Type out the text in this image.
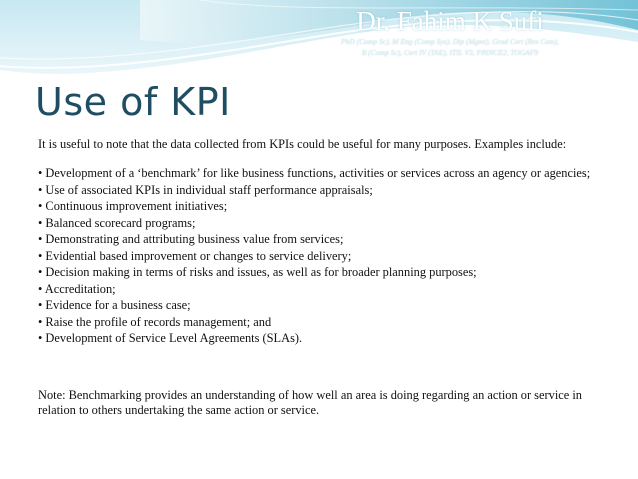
Dr. Fahim K Sufi
PhD (Comp Sc), M Eng (Comp Sys), Dip (Mgmt), Grad Cert (Res Com),
B (Comp Sc), Cert IV (TAE), ITIL V3, PRINCE2, TOGAF9
Use of KPI

It is useful to note that the data collected from KPIs could be useful for many purposes. Examples include:

• Development of a ‘benchmark’ for like business functions, activities or services across an agency or agencies;
• Use of associated KPIs in individual staff performance appraisals;
• Continuous improvement initiatives;
• Balanced scorecard programs;
• Demonstrating and attributing business value from services;
• Evidential based improvement or changes to service delivery;
• Decision making in terms of risks and issues, as well as for broader planning purposes;
• Accreditation;
• Evidence for a business case;
• Raise the profile of records management; and
• Development of Service Level Agreements (SLAs).

Note: Benchmarking provides an understanding of how well an area is doing regarding an action or service in relation to others undertaking the same action or service.
